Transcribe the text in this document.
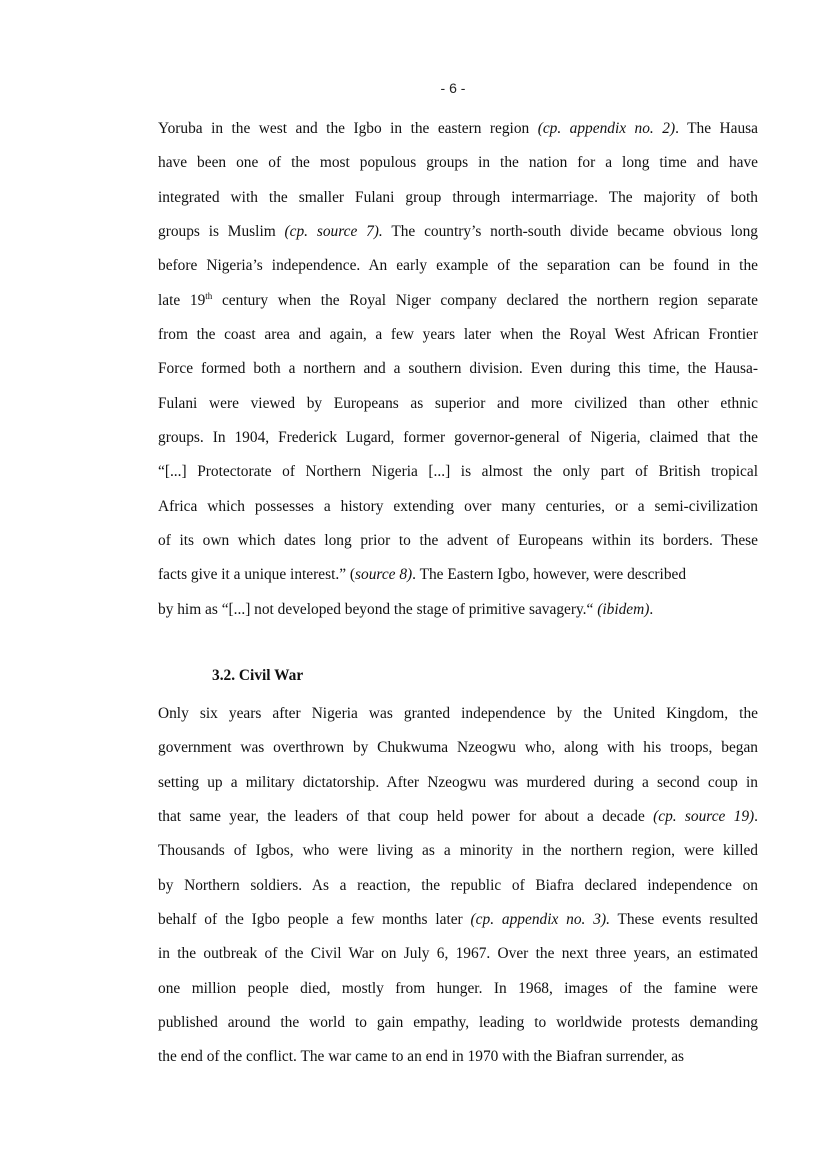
- 6 -

Yoruba in the west and the Igbo in the eastern region (cp. appendix no. 2). The Hausa
have been one of the most populous groups in the nation for a long time and have
integrated with the smaller Fulani group through intermarriage. The majority of both
groups is Muslim (cp. source 7). The country’s north-south divide became obvious long
before Nigeria’s independence. An early example of the separation can be found in the
late 19th century when the Royal Niger company declared the northern region separate
from the coast area and again, a few years later when the Royal West African Frontier
Force formed both a northern and a southern division. Even during this time, the Hausa-
Fulani were viewed by Europeans as superior and more civilized than other ethnic
groups. In 1904, Frederick Lugard, former governor-general of Nigeria, claimed that the
“[...] Protectorate of Northern Nigeria [...] is almost the only part of British tropical
Africa which possesses a history extending over many centuries, or a semi-civilization
of its own which dates long prior to the advent of Europeans within its borders. These
facts give it a unique interest.” (source 8). The Eastern Igbo, however, were described
by him as “[...] not developed beyond the stage of primitive savagery.“ (ibidem).

3.2. Civil War

Only six years after Nigeria was granted independence by the United Kingdom, the
government was overthrown by Chukwuma Nzeogwu who, along with his troops, began
setting up a military dictatorship. After Nzeogwu was murdered during a second coup in
that same year, the leaders of that coup held power for about a decade (cp. source 19).
Thousands of Igbos, who were living as a minority in the northern region, were killed
by Northern soldiers. As a reaction, the republic of Biafra declared independence on
behalf of the Igbo people a few months later (cp. appendix no. 3). These events resulted
in the outbreak of the Civil War on July 6, 1967. Over the next three years, an estimated
one million people died, mostly from hunger. In 1968, images of the famine were
published around the world to gain empathy, leading to worldwide protests demanding
the end of the conflict. The war came to an end in 1970 with the Biafran surrender, as
